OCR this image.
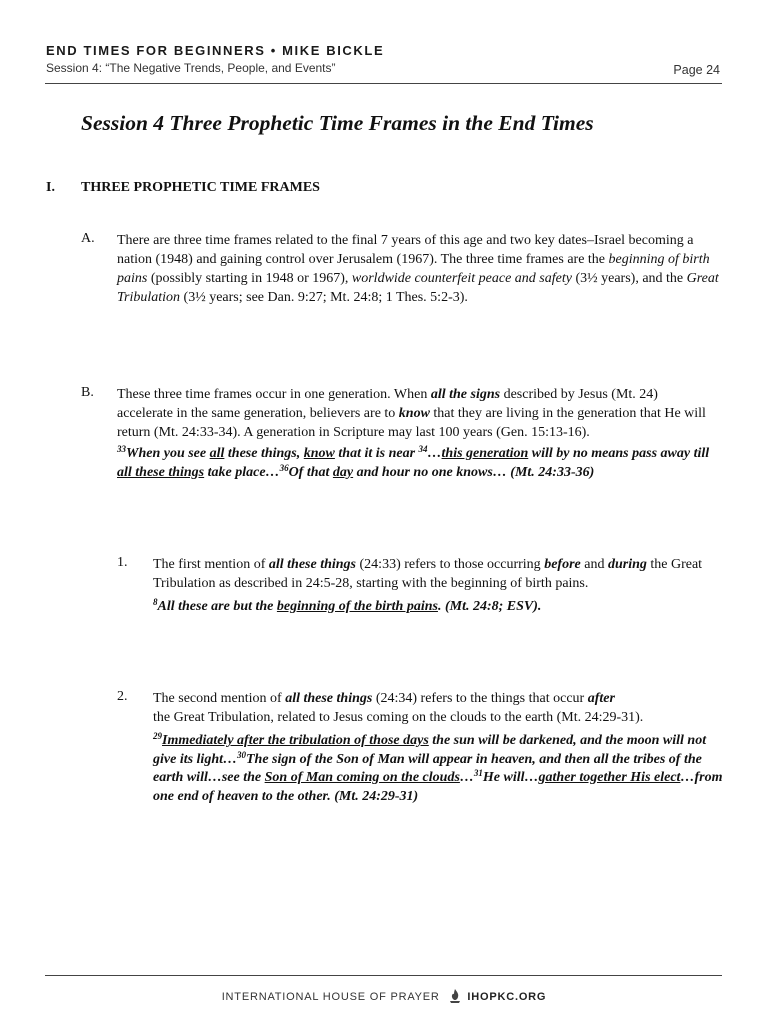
END TIMES FOR BEGINNERS • MIKE BICKLE
Session 4: “The Negative Trends, People, and Events”	Page 24
Session 4 Three Prophetic Time Frames in the End Times
I. THREE PROPHETIC TIME FRAMES
A. There are three time frames related to the final 7 years of this age and two key dates–Israel becoming a nation (1948) and gaining control over Jerusalem (1967). The three time frames are the beginning of birth pains (possibly starting in 1948 or 1967), worldwide counterfeit peace and safety (3½ years), and the Great Tribulation (3½ years; see Dan. 9:27; Mt. 24:8; 1 Thes. 5:2-3).

B. These three time frames occur in one generation. When all the signs described by Jesus (Mt. 24) accelerate in the same generation, believers are to know that they are living in the generation that He will return (Mt. 24:33-34). A generation in Scripture may last 100 years (Gen. 15:13-16).

$^{33}$When you see all these things, know that it is near $^{34}$…this generation will by no means pass away till all these things take place…$^{36}$Of that day and hour no one knows… (Mt. 24:33-36)

1. The first mention of all these things (24:33) refers to those occurring before and during the Great Tribulation as described in 24:5-28, starting with the beginning of birth pains.

$^8$All these are but the beginning of the birth pains. (Mt. 24:8; ESV).

2. The second mention of all these things (24:34) refers to the things that occur after
the Great Tribulation, related to Jesus coming on the clouds to the earth (Mt. 24:29-31).

$^{29}$Immediately after the tribulation of those days the sun will be darkened, and the moon will not give its light…$^{30}$The sign of the Son of Man will appear in heaven, and then all the tribes of the earth will…see the Son of Man coming on the clouds…$^{31}$He will…gather together His elect…from one end of heaven to the other. (Mt. 24:29-31)

INTERNATIONAL HOUSE OF PRAYER	IHOPKC.ORG
